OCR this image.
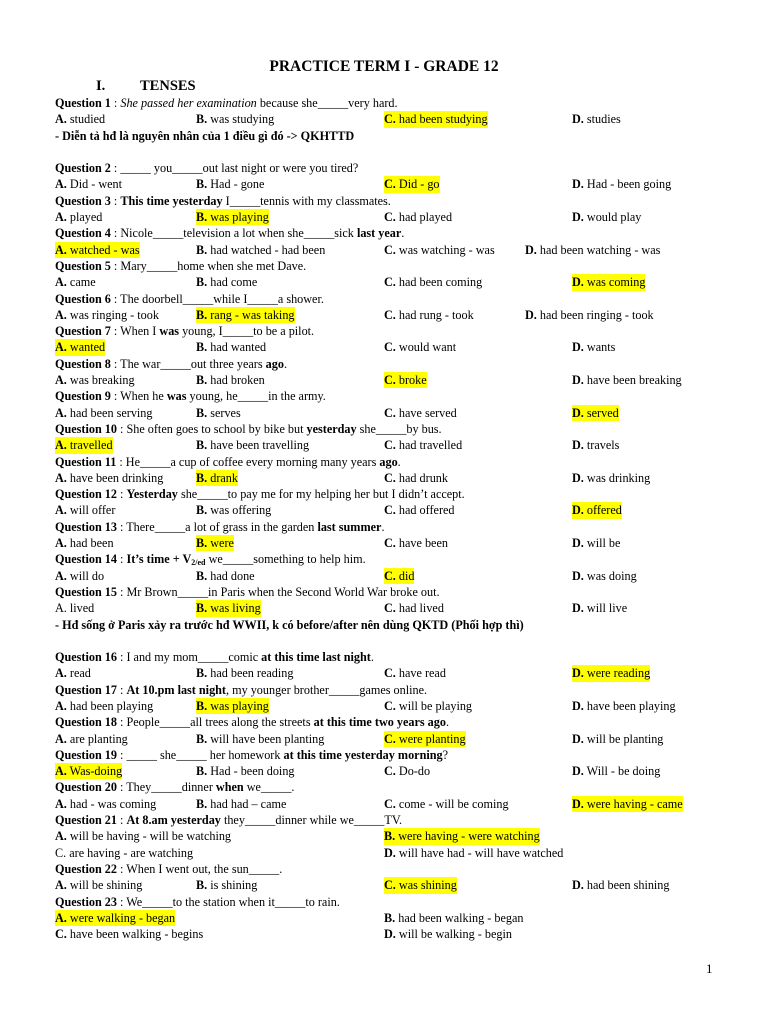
PRACTICE TERM I - GRADE 12
I. TENSES
Question 1 : She passed her examination because she_____very hard.
A. studied	B. was studying	C. had been studying	D. studies
- Diễn tả hđ là nguyên nhân của 1 điều gì đó -> QKHTTD
Question 2 : _____ you_____out last night or were you tired?
A. Did - went	B. Had - gone	C. Did - go	D. Had - been going
Question 3 : This time yesterday I_____tennis with my classmates.
A. played	B. was playing	C. had played	D. would play
Question 4 : Nicole_____television a lot when she_____sick last year.
A. watched - was	B. had watched - had been	C. was watching - was D. had been watching - was
Question 5 : Mary_____home when she met Dave.
A. came	B. had come	C. had been coming	D. was coming
Question 6 : The doorbell_____while I_____a shower.
A. was ringing - took	B. rang - was taking	C. had rung - took	D. had been ringing - took
Question 7 : When I was young, I_____to be a pilot.
A. wanted	B. had wanted	C. would want	D. wants
Question 8 : The war_____out three years ago.
A. was breaking	B. had broken	C. broke	D. have been breaking
Question 9 : When he was young, he_____in the army.
A. had been serving	B. serves	C. have served	D. served
Question 10 : She often goes to school by bike but yesterday she_____by bus.
A. travelled	B. have been travelling	C. had travelled	D. travels
Question 11 : He_____a cup of coffee every morning many years ago.
A. have been drinking	B. drank	C. had drunk	D. was drinking
Question 12 : Yesterday she_____to pay me for my helping her but I didn’t accept.
A. will offer	B. was offering	C. had offered	D. offered
Question 13 : There_____a lot of grass in the garden last summer.
A. had been	B. were	C. have been	D. will be
Question 14 : It’s time + $V_{2/ed}$ we_____something to help him.
A. will do	B. had done	C. did	D. was doing
Question 15 : Mr Brown_____in Paris when the Second World War broke out.
A. lived	B. was living	C. had lived	D. will live
- Hđ sống ở Paris xảy ra trước hđ WWII, k có before/after nên dùng QKTD (Phối hợp thì)
Question 16 : I and my mom_____comic at this time last night.
A. read	B. had been reading	C. have read	D. were reading
Question 17 : At 10.pm last night, my younger brother_____games online.
A. had been playing	B. was playing	C. will be playing	D. have been playing
Question 18 : People_____all trees along the streets at this time two years ago.
A. are planting	B. will have been planting	C. were planting	D. will be planting
Question 19 : _____ she_____ her homework at this time yesterday morning?
A. Was-doing	B. Had - been doing	C. Do-do	D. Will - be doing
Question 20 : They_____dinner when we_____.
A. had - was coming	B. had had – came	C. come - will be coming	D. were having - came
Question 21 : At 8.am yesterday they_____dinner while we_____TV.
A. will be having - will be watching	B. were having - were watching
C. are having - are watching	D. will have had - will have watched
Question 22 : When I went out, the sun_____.
A. will be shining	B. is shining	C. was shining	D. had been shining
Question 23 : We_____to the station when it_____to rain.
A. were walking - began	B. had been walking - began
C. have been walking - begins	D. will be walking - begin
1
